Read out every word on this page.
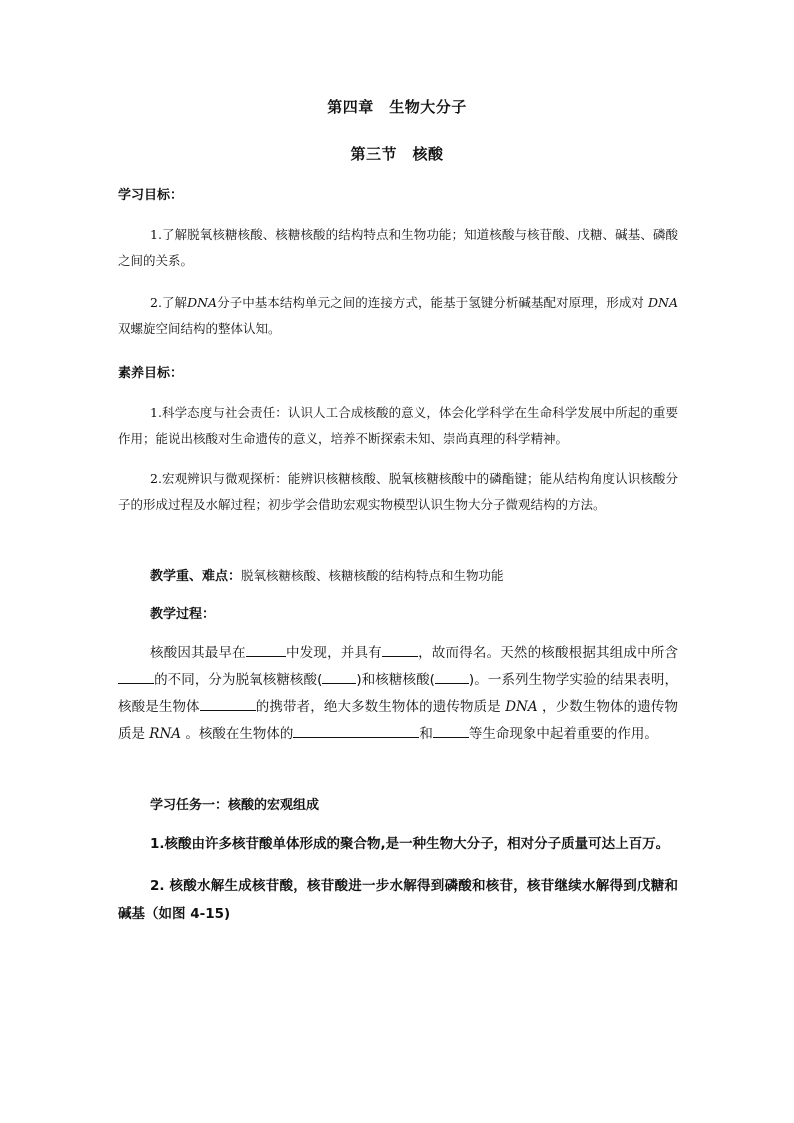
第四章　生物大分子
第三节　核酸
学习目标：

1.了解脱氧核糖核酸、核糖核酸的结构特点和生物功能；知道核酸与核苷酸、戊糖、碱基、磷酸之间的关系。

2.了解DNA分子中基本结构单元之间的连接方式，能基于氢键分析碱基配对原理，形成对 DNA 双螺旋空间结构的整体认知。

素养目标：

1.科学态度与社会责任：认识人工合成核酸的意义，体会化学科学在生命科学发展中所起的重要作用；能说出核酸对生命遗传的意义，培养不断探索未知、崇尚真理的科学精神。

2.宏观辨识与微观探析：能辨识核糖核酸、脱氧核糖核酸中的磷酯键；能从结构角度认识核酸分子的形成过程及水解过程；初步学会借助宏观实物模型认识生物大分子微观结构的方法。

教学重、难点：脱氧核糖核酸、核糖核酸的结构特点和生物功能
教学过程：

核酸因其最早在	中发现，并具有	，故而得名。天然的核酸根据其组成中所含的不同，分为脱氧核糖核酸(	)和核糖核酸(	)。一系列生物学实验的结果表明，核酸是生物体	的携带者，绝大多数生物体的遗传物质是 DNA ，少数生物体的遗传物质是 RNA 。核酸在生物体的	和	等生命现象中起着重要的作用。

学习任务一：核酸的宏观组成

1.核酸由许多核苷酸单体形成的聚合物,是一种生物大分子，相对分子质量可达上百万。

2. 核酸水解生成核苷酸，核苷酸进一步水解得到磷酸和核苷，核苷继续水解得到戊糖和碱基（如图 4-15)
